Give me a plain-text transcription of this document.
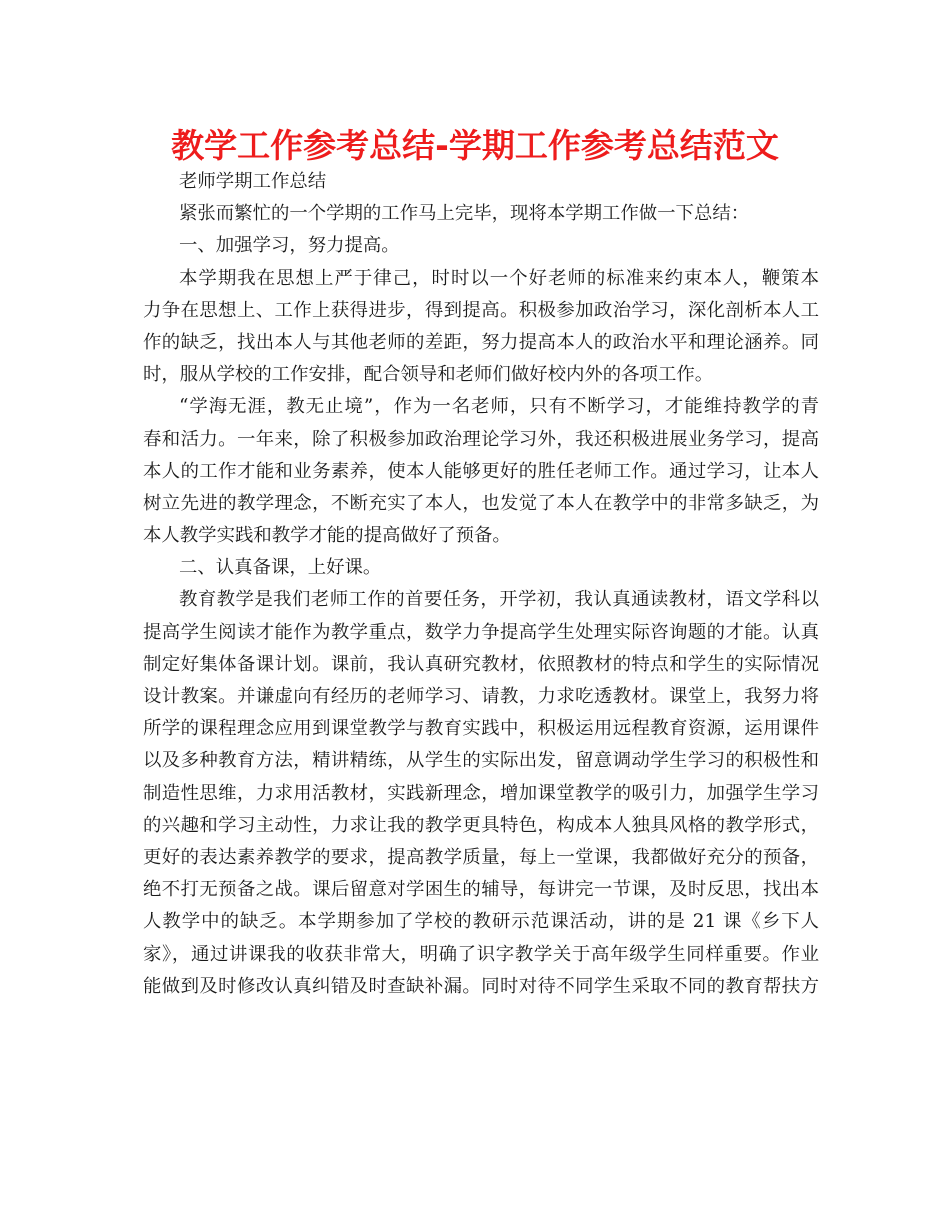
教学工作参考总结-学期工作参考总结范文
老师学期工作总结
紧张而繁忙的一个学期的工作马上完毕，现将本学期工作做一下总结：
一、加强学习，努力提高。
本学期我在思想上严于律己，时时以一个好老师的标准来约束本人，鞭策本
力争在思想上、工作上获得进步，得到提高。积极参加政治学习，深化剖析本人工
作的缺乏，找出本人与其他老师的差距，努力提高本人的政治水平和理论涵养。同
时，服从学校的工作安排，配合领导和老师们做好校内外的各项工作。
“学海无涯，教无止境”，作为一名老师，只有不断学习，才能维持教学的青
春和活力。一年来，除了积极参加政治理论学习外，我还积极进展业务学习，提高
本人的工作才能和业务素养，使本人能够更好的胜任老师工作。通过学习，让本人
树立先进的教学理念，不断充实了本人，也发觉了本人在教学中的非常多缺乏，为
本人教学实践和教学才能的提高做好了预备。
二、认真备课，上好课。
教育教学是我们老师工作的首要任务，开学初，我认真通读教材，语文学科以
提高学生阅读才能作为教学重点，数学力争提高学生处理实际咨询题的才能。认真
制定好集体备课计划。课前，我认真研究教材，依照教材的特点和学生的实际情况
设计教案。并谦虚向有经历的老师学习、请教，力求吃透教材。课堂上，我努力将
所学的课程理念应用到课堂教学与教育实践中，积极运用远程教育资源，运用课件
以及多种教育方法，精讲精练，从学生的实际出发，留意调动学生学习的积极性和
制造性思维，力求用活教材，实践新理念，增加课堂教学的吸引力，加强学生学习
的兴趣和学习主动性，力求让我的教学更具特色，构成本人独具风格的教学形式，
更好的表达素养教学的要求，提高教学质量，每上一堂课，我都做好充分的预备，
绝不打无预备之战。课后留意对学困生的辅导，每讲完一节课，及时反思，找出本
人教学中的缺乏。本学期参加了学校的教研示范课活动，讲的是 21 课《乡下人
家》，通过讲课我的收获非常大，明确了识字教学关于高年级学生同样重要。作业
能做到及时修改认真纠错及时查缺补漏。同时对待不同学生采取不同的教育帮扶方
